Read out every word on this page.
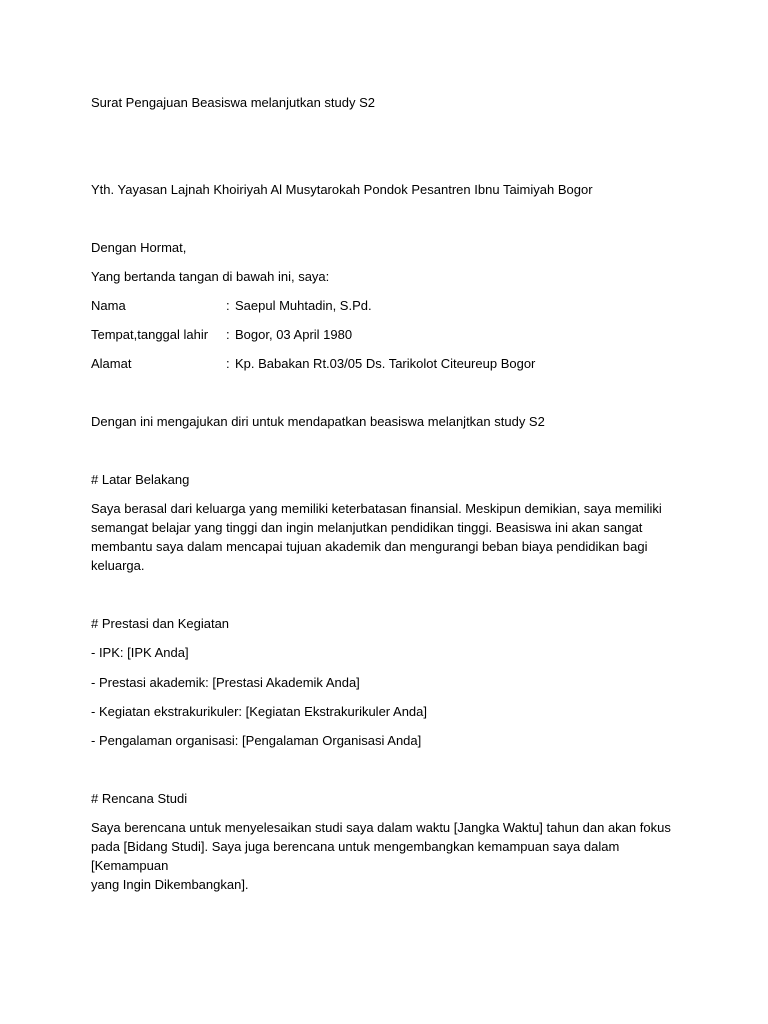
Surat Pengajuan Beasiswa melanjutkan study S2
Yth. Yayasan Lajnah Khoiriyah Al Musytarokah Pondok Pesantren Ibnu Taimiyah Bogor
Dengan Hormat,
Yang bertanda tangan di bawah ini, saya:
Nama	: Saepul Muhtadin, S.Pd.
Tempat,tanggal lahir : Bogor, 03 April 1980
Alamat	: Kp. Babakan Rt.03/05 Ds. Tarikolot Citeureup Bogor
Dengan ini mengajukan diri untuk mendapatkan beasiswa melanjtkan study S2
# Latar Belakang
Saya berasal dari keluarga yang memiliki keterbatasan finansial. Meskipun demikian, saya memiliki
semangat belajar yang tinggi dan ingin melanjutkan pendidikan tinggi. Beasiswa ini akan sangat
membantu saya dalam mencapai tujuan akademik dan mengurangi beban biaya pendidikan bagi
keluarga.
# Prestasi dan Kegiatan
- IPK: [IPK Anda]
- Prestasi akademik: [Prestasi Akademik Anda]
- Kegiatan ekstrakurikuler: [Kegiatan Ekstrakurikuler Anda]
- Pengalaman organisasi: [Pengalaman Organisasi Anda]
# Rencana Studi
Saya berencana untuk menyelesaikan studi saya dalam waktu [Jangka Waktu] tahun dan akan fokus
pada [Bidang Studi]. Saya juga berencana untuk mengembangkan kemampuan saya dalam [Kemampuan
yang Ingin Dikembangkan].
